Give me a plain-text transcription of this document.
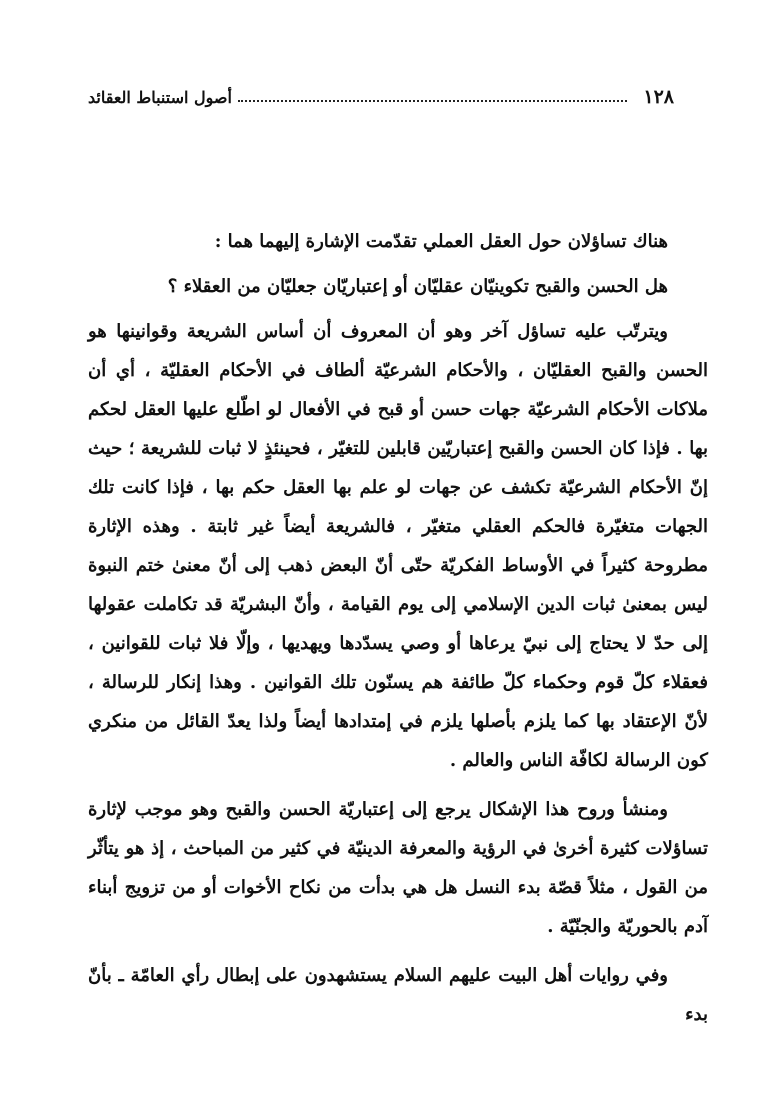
١٢٨
أصول استنباط العقائد

هناك تساؤلان حول العقل العملي تقدّمت الإشارة إليهما هما :

هل الحسن والقبح تكوينيّان عقليّان أو إعتباريّان جعليّان من العقلاء ؟

ويترتّب عليه تساؤل آخر وهو أن المعروف أن أساس الشريعة وقوانينها هو الحسن والقبح العقليّان ، والأحكام الشرعيّة ألطاف في الأحكام العقليّة ، أي أن ملاكات الأحكام الشرعيّة جهات حسن أو قبح في الأفعال لو اطّلع عليها العقل لحكم بها . فإذا كان الحسن والقبح إعتباريّين قابلين للتغيّر ، فحينئذٍ لا ثبات للشريعة ؛ حيث إنّ الأحكام الشرعيّة تكشف عن جهات لو علم بها العقل حكم بها ، فإذا كانت تلك الجهات متغيّرة فالحكم العقلي متغيّر ، فالشريعة أيضاً غير ثابتة . وهذه الإثارة مطروحة كثيراً في الأوساط الفكريّة حتّى أنّ البعض ذهب إلى أنّ معنىٰ ختم النبوة ليس بمعنىٰ ثبات الدين الإسلامي إلى يوم القيامة ، وأنّ البشريّة قد تكاملت عقولها إلى حدّ لا يحتاج إلى نبيّ يرعاها أو وصي يسدّدها ويهديها ، وإلّا فلا ثبات للقوانين ، فعقلاء كلّ قوم وحكماء كلّ طائفة هم يسنّون تلك القوانين . وهذا إنكار للرسالة ، لأنّ الإعتقاد بها كما يلزم بأصلها يلزم في إمتدادها أيضاً ولذا يعدّ القائل من منكري كون الرسالة لكافّة الناس والعالم .

ومنشأ وروح هذا الإشكال يرجع إلى إعتباريّة الحسن والقبح وهو موجب لإثارة تساؤلات كثيرة أخرىٰ في الرؤية والمعرفة الدينيّة في كثير من المباحث ، إذ هو يتأثّر من القول ، مثلاً قصّة بدء النسل هل هي بدأت من نكاح الأخوات أو من تزويج أبناء آدم بالحوريّة والجنّيّة .

وفي روايات أهل البيت عليهم السلام يستشهدون على إبطال رأي العامّة ـ بأنّ بدء
